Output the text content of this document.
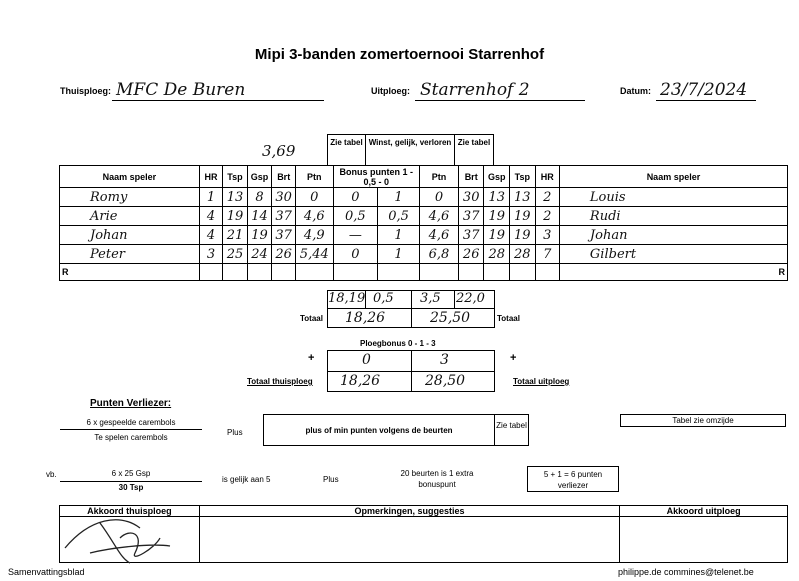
Mipi 3-banden zomertoernooi Starrenhof
Thuisploeg: MFC De Buren	Uitploeg: Starrenhof 2	Datum: 23/7/2024
3,69	Zie tabel Winst, gelijk, verloren Zie tabel
Naam speler	HR	Tsp	Gsp	Brt	Ptn	Bonus punten 1 - 0,5 - 0		Ptn	Brt	Gsp	Tsp	HR	Naam speler
Romy	1	13	8	30	0	0	1	0	30	13	13	2	Louis
Arie	4	19	14	37	4,6	0,5	0,5	4,6	37	19	19	2	Rudi
Johan	4	21	19	37	4,9	—	1	4,6	37	19	19	3	Johan
Peter	3	25	24	26	5,44	0	1	6,8	26	28	28	7	Gilbert
R													R
18,19 0,5 3,5 22,0
18,26	25,50
Totaal	Totaal
Ploegbonus 0 - 1 - 3
0	3
18,26	28,50
+	+
Totaal thuisploeg	Totaal uitploeg
Punten Verliezer:
6 x gespeelde carembols
Te spelen carembols
Plus	plus of min punten volgens de beurten
Zie tabel
Tabel zie omzijde
vb.	6 x 25 Gsp
30 Tsp
is gelijk aan 5	Plus
20 beurten is 1 extra bonuspunt
5 + 1 = 6 punten verliezer
Akkoord thuisploeg	Opmerkingen, suggesties	Akkoord uitploeg

Samenvattingsblad	philippe.de commines@telenet.be
